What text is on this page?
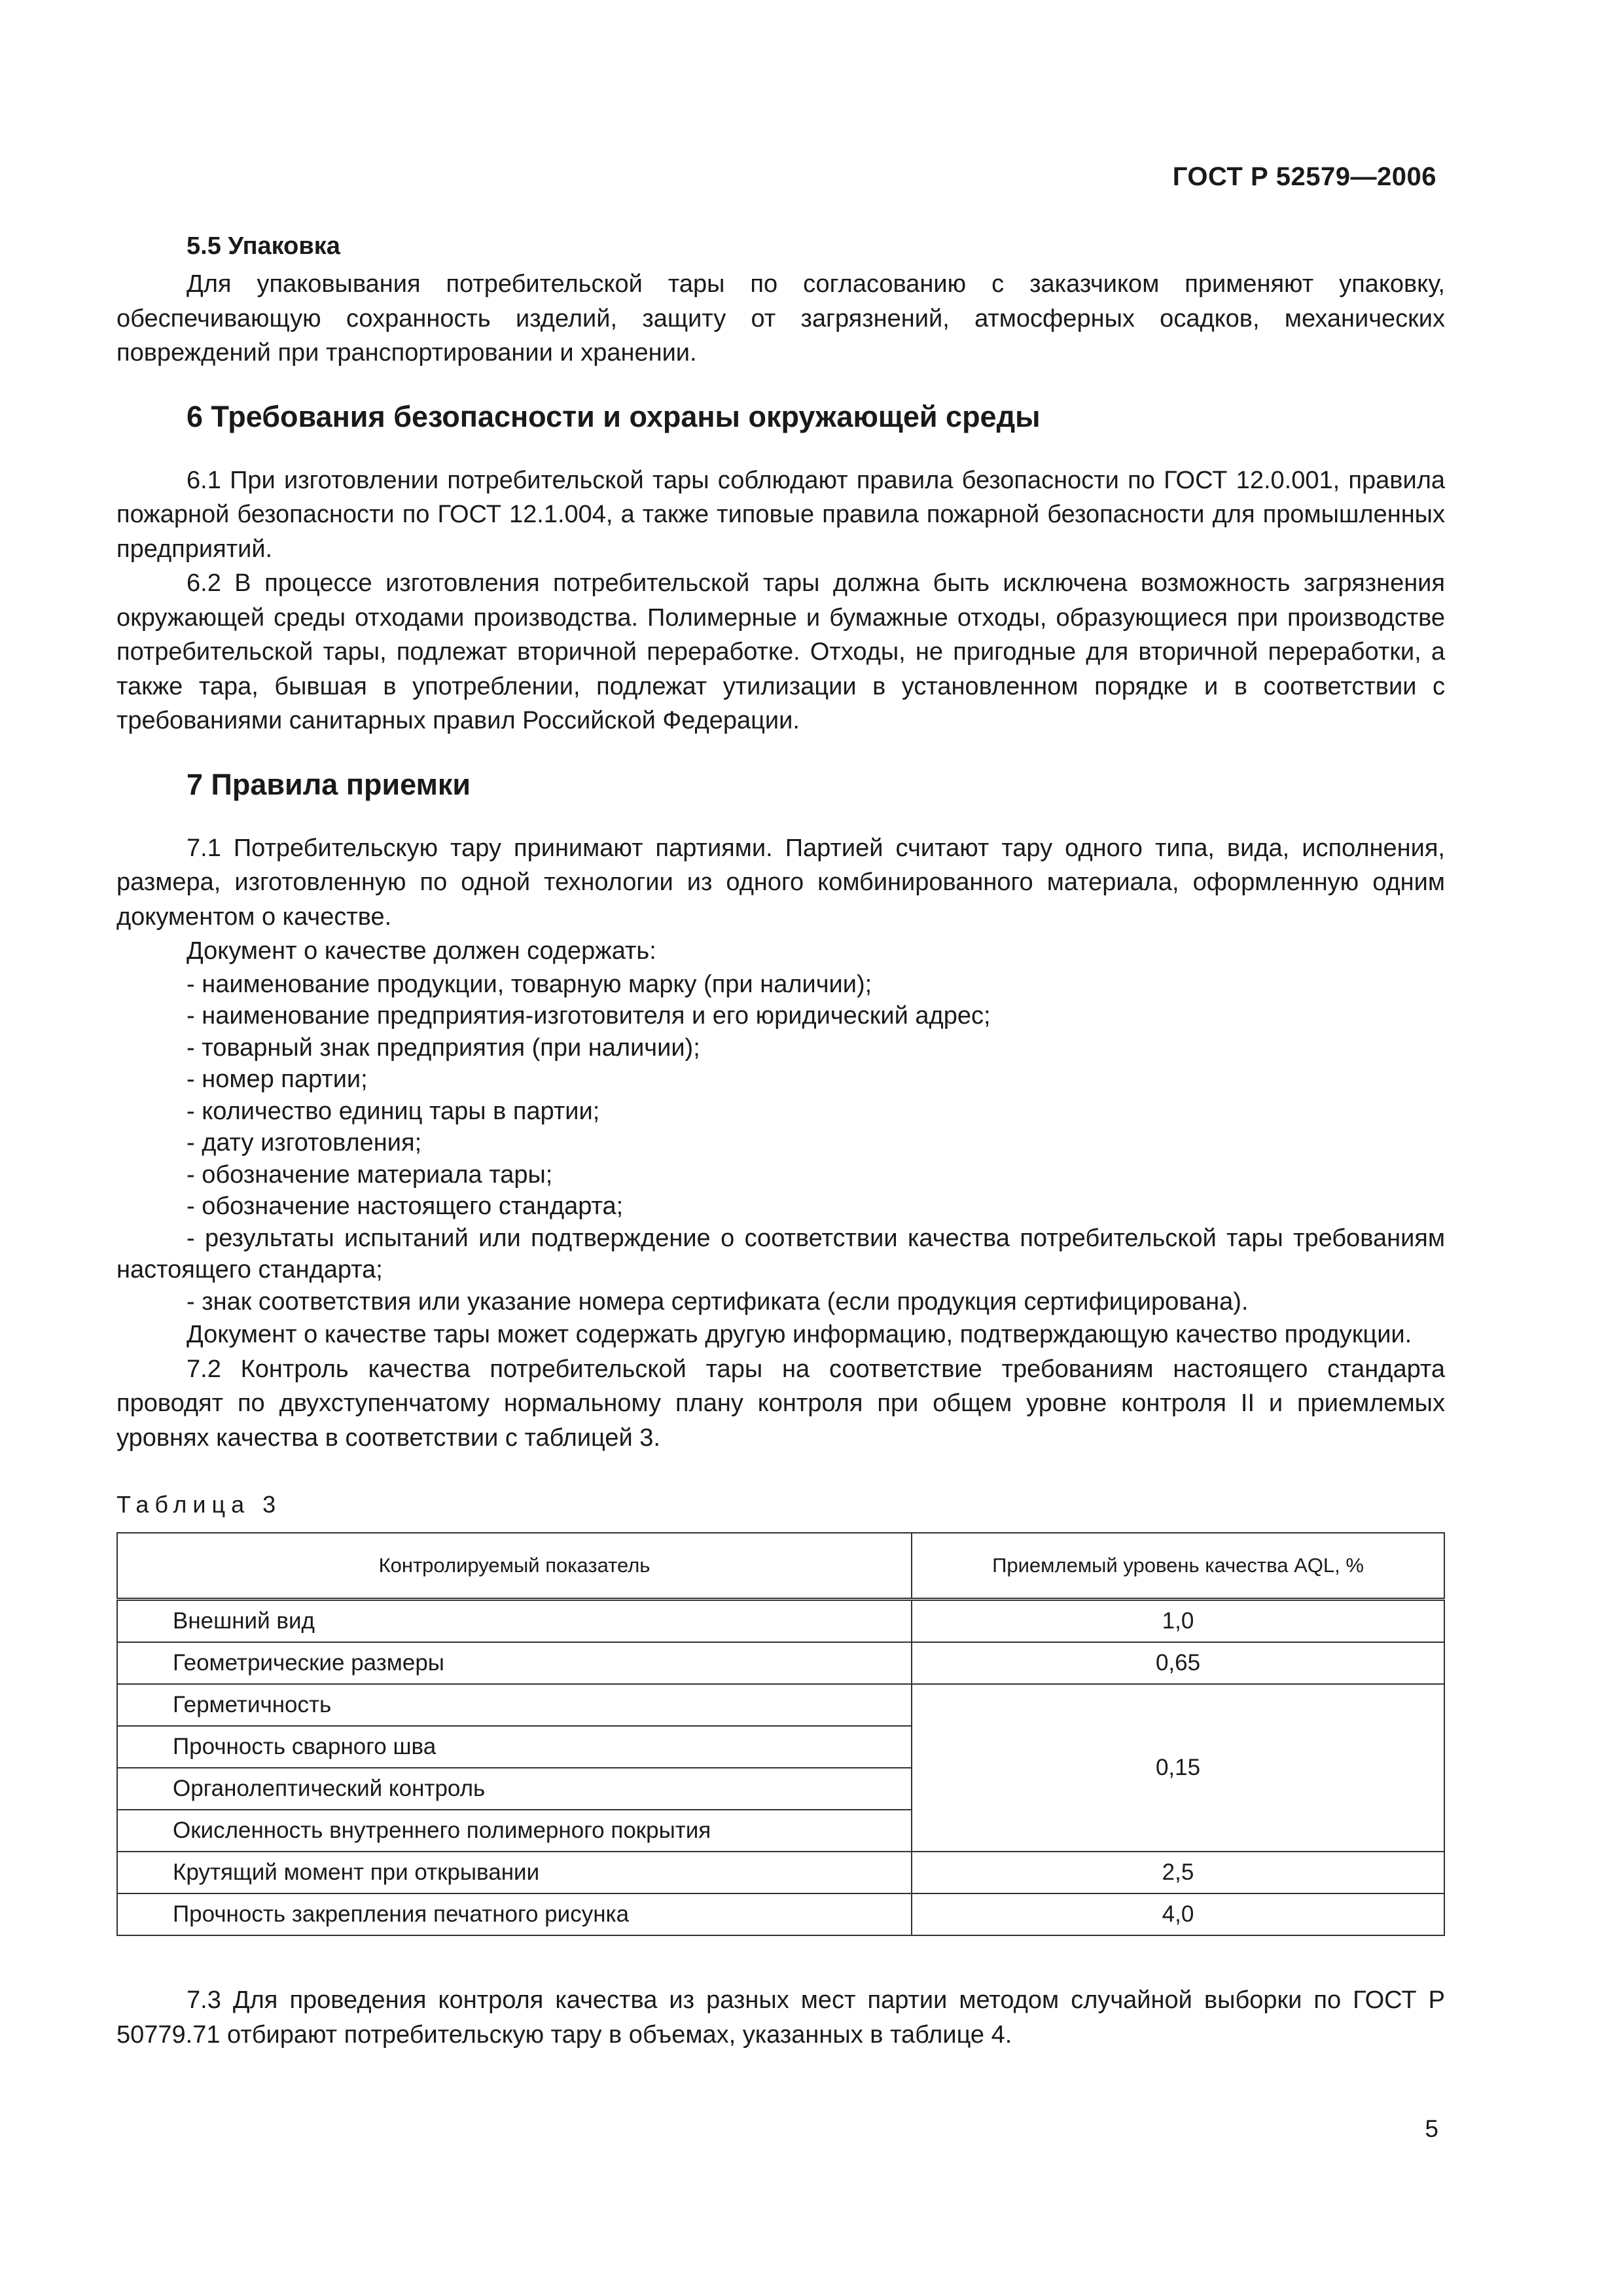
ГОСТ Р 52579—2006
5.5 Упаковка

Для упаковывания потребительской тары по согласованию с заказчиком применяют упаковку, обеспечивающую сохранность изделий, защиту от загрязнений, атмосферных осадков, механических повреждений при транспортировании и хранении.

6 Требования безопасности и охраны окружающей среды

6.1 При изготовлении потребительской тары соблюдают правила безопасности по ГОСТ 12.0.001, правила пожарной безопасности по ГОСТ 12.1.004, а также типовые правила пожарной безопасности для промышленных предприятий.

6.2 В процессе изготовления потребительской тары должна быть исключена возможность загрязнения окружающей среды отходами производства. Полимерные и бумажные отходы, образующиеся при производстве потребительской тары, подлежат вторичной переработке. Отходы, не пригодные для вторичной переработки, а также тара, бывшая в употреблении, подлежат утилизации в установленном порядке и в соответствии с требованиями санитарных правил Российской Федерации.

7 Правила приемки

7.1 Потребительскую тару принимают партиями. Партией считают тару одного типа, вида, исполнения, размера, изготовленную по одной технологии из одного комбинированного материала, оформленную одним документом о качестве.

Документ о качестве должен содержать:

- наименование продукции, товарную марку (при наличии);
- наименование предприятия-изготовителя и его юридический адрес;
- товарный знак предприятия (при наличии);
- номер партии;
- количество единиц тары в партии;
- дату изготовления;
- обозначение материала тары;
- обозначение настоящего стандарта;
- результаты испытаний или подтверждение о соответствии качества потребительской тары требованиям настоящего стандарта;
- знак соответствия или указание номера сертификата (если продукция сертифицирована).

Документ о качестве тары может содержать другую информацию, подтверждающую качество продукции.

7.2 Контроль качества потребительской тары на соответствие требованиям настоящего стандарта проводят по двухступенчатому нормальному плану контроля при общем уровне контроля II и приемлемых уровнях качества в соответствии с таблицей 3.

Таблица 3
Контролируемый показатель	Приемлемый уровень качества AQL, %
Внешний вид	1,0
Геометрические размеры	0,65
Герметичность	0,15
Прочность сварного шва	
Органолептический контроль	
Окисленность внутреннего полимерного покрытия	
Крутящий момент при открывании	2,5
Прочность закрепления печатного рисунка	4,0

7.3 Для проведения контроля качества из разных мест партии методом случайной выборки по ГОСТ Р 50779.71 отбирают потребительскую тару в объемах, указанных в таблице 4.

5
